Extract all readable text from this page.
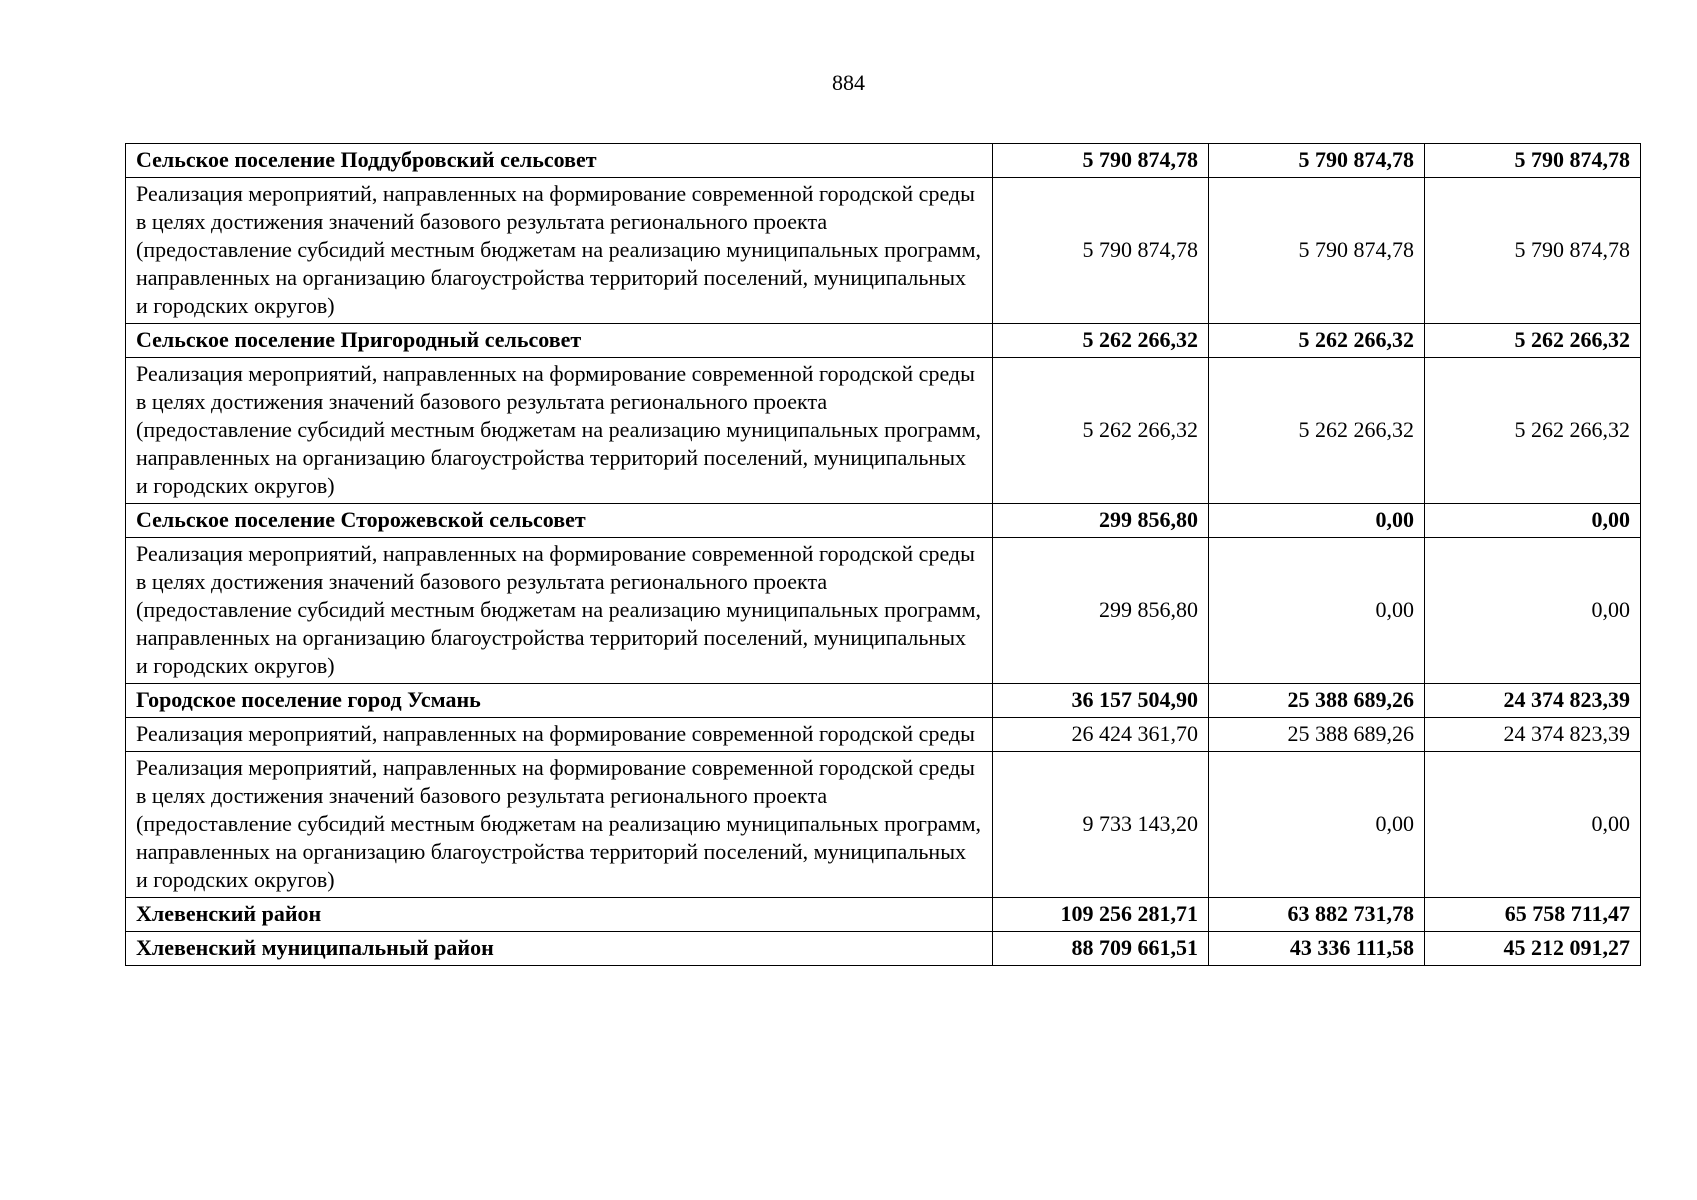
884
Сельское поселение Поддубровский сельсовет	5 790 874,78	5 790 874,78	5 790 874,78
Реализация мероприятий, направленных на формирование современной городской среды в целях достижения значений базового результата регионального проекта (предоставление субсидий местным бюджетам на реализацию муниципальных программ, направленных на организацию благоустройства территорий поселений, муниципальных и городских округов)	5 790 874,78	5 790 874,78	5 790 874,78
Сельское поселение Пригородный сельсовет	5 262 266,32	5 262 266,32	5 262 266,32
Реализация мероприятий, направленных на формирование современной городской среды в целях достижения значений базового результата регионального проекта (предоставление субсидий местным бюджетам на реализацию муниципальных программ, направленных на организацию благоустройства территорий поселений, муниципальных и городских округов)	5 262 266,32	5 262 266,32	5 262 266,32
Сельское поселение Сторожевской сельсовет	299 856,80	0,00	0,00
Реализация мероприятий, направленных на формирование современной городской среды в целях достижения значений базового результата регионального проекта (предоставление субсидий местным бюджетам на реализацию муниципальных программ, направленных на организацию благоустройства территорий поселений, муниципальных и городских округов)	299 856,80	0,00	0,00
Городское поселение город Усмань	36 157 504,90	25 388 689,26	24 374 823,39
Реализация мероприятий, направленных на формирование современной городской среды	26 424 361,70	25 388 689,26	24 374 823,39
Реализация мероприятий, направленных на формирование современной городской среды в целях достижения значений базового результата регионального проекта (предоставление субсидий местным бюджетам на реализацию муниципальных программ, направленных на организацию благоустройства территорий поселений, муниципальных и городских округов)	9 733 143,20	0,00	0,00
Хлевенский район	109 256 281,71	63 882 731,78	65 758 711,47
Хлевенский муниципальный район	88 709 661,51	43 336 111,58	45 212 091,27
